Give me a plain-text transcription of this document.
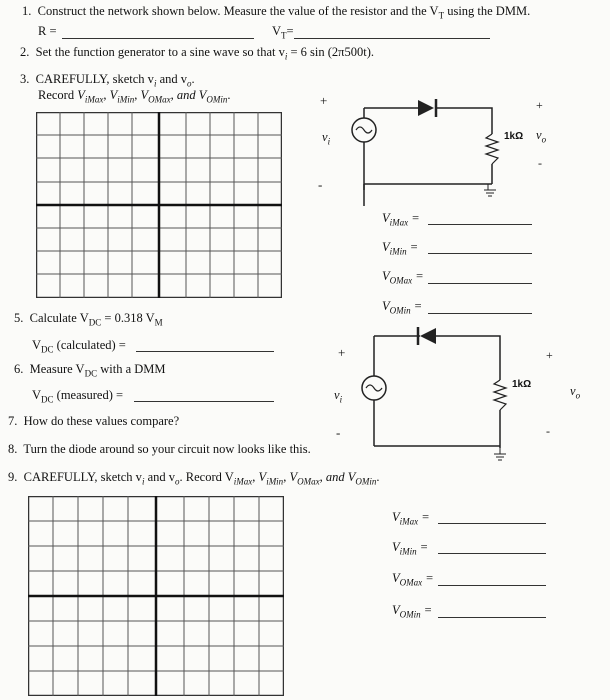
1. Construct the network shown below. Measure the value of the resistor and the $V_T$ using the DMM.
R =	$V_T=$
2. Set the function generator to a sine wave so that $v_i = 6$ sin (2π500t).
3. CAREFULLY, sketch $v_i$ and $v_o$.
Record $V_{iMax}$, $V_{iMin}$, $V_{OMax}$, and $V_{OMin}$.	+
-
$v_i$	1kΩ
+
$v_o$
-
$V_{iMax}$ =
$V_{iMin}$ =
$V_{OMax}$ =
$V_{OMin}$ =
5. Calculate $V_{DC} = 0.318$ $V_M$
$V_{DC}$ (calculated) =
6. Measure $V_{DC}$ with a DMM
$V_{DC}$ (measured) =
7. How do these values compare?
8. Turn the diode around so your circuit now looks like this.
+
-
$v_i$
1kΩ
+
$v_o$
-
9. CAREFULLY, sketch $v_i$ and $v_o$. Record $V_{iMax}$, $V_{iMin}$, $V_{OMax}$, and $V_{OMin}$.
$V_{iMax}$ =
$V_{iMin}$ =
$V_{OMax}$ =
$V_{OMin}$ =
